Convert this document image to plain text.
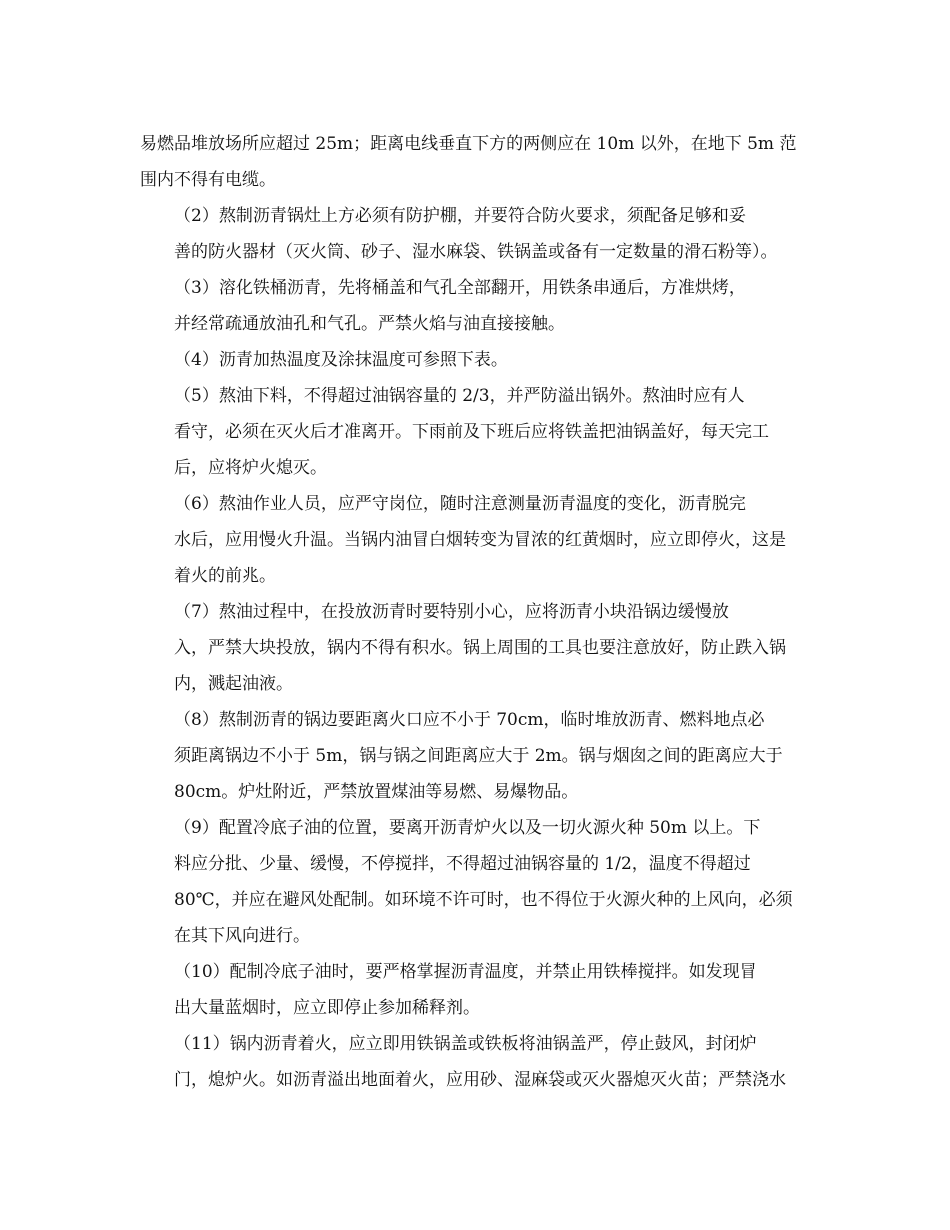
易燃品堆放场所应超过 25m；距离电线垂直下方的两侧应在 10m 以外，在地下 5m 范
围内不得有电缆。

（2）熬制沥青锅灶上方必须有防护棚，并要符合防火要求，须配备足够和妥
善的防火器材（灭火筒、砂子、湿水麻袋、铁锅盖或备有一定数量的滑石粉等）。

（3）溶化铁桶沥青，先将桶盖和气孔全部翻开，用铁条串通后，方准烘烤，
并经常疏通放油孔和气孔。严禁火焰与油直接接触。

（4）沥青加热温度及涂抹温度可参照下表。

（5）熬油下料，不得超过油锅容量的 2/3，并严防溢出锅外。熬油时应有人
看守，必须在灭火后才准离开。下雨前及下班后应将铁盖把油锅盖好，每天完工
后，应将炉火熄灭。

（6）熬油作业人员，应严守岗位，随时注意测量沥青温度的变化，沥青脱完
水后，应用慢火升温。当锅内油冒白烟转变为冒浓的红黄烟时，应立即停火，这是
着火的前兆。

（7）熬油过程中，在投放沥青时要特别小心，应将沥青小块沿锅边缓慢放
入，严禁大块投放，锅内不得有积水。锅上周围的工具也要注意放好，防止跌入锅
内，溅起油液。

（8）熬制沥青的锅边要距离火口应不小于 70cm，临时堆放沥青、燃料地点必
须距离锅边不小于 5m，锅与锅之间距离应大于 2m。锅与烟囱之间的距离应大于
80cm。炉灶附近，严禁放置煤油等易燃、易爆物品。

（9）配置冷底子油的位置，要离开沥青炉火以及一切火源火种 50m 以上。下
料应分批、少量、缓慢，不停搅拌，不得超过油锅容量的 1/2，温度不得超过
80℃，并应在避风处配制。如环境不许可时，也不得位于火源火种的上风向，必须
在其下风向进行。

（10）配制冷底子油时，要严格掌握沥青温度，并禁止用铁棒搅拌。如发现冒
出大量蓝烟时，应立即停止参加稀释剂。

（11）锅内沥青着火，应立即用铁锅盖或铁板将油锅盖严，停止鼓风，封闭炉
门，熄炉火。如沥青溢出地面着火，应用砂、湿麻袋或灭火器熄灭火苗；严禁浇水
